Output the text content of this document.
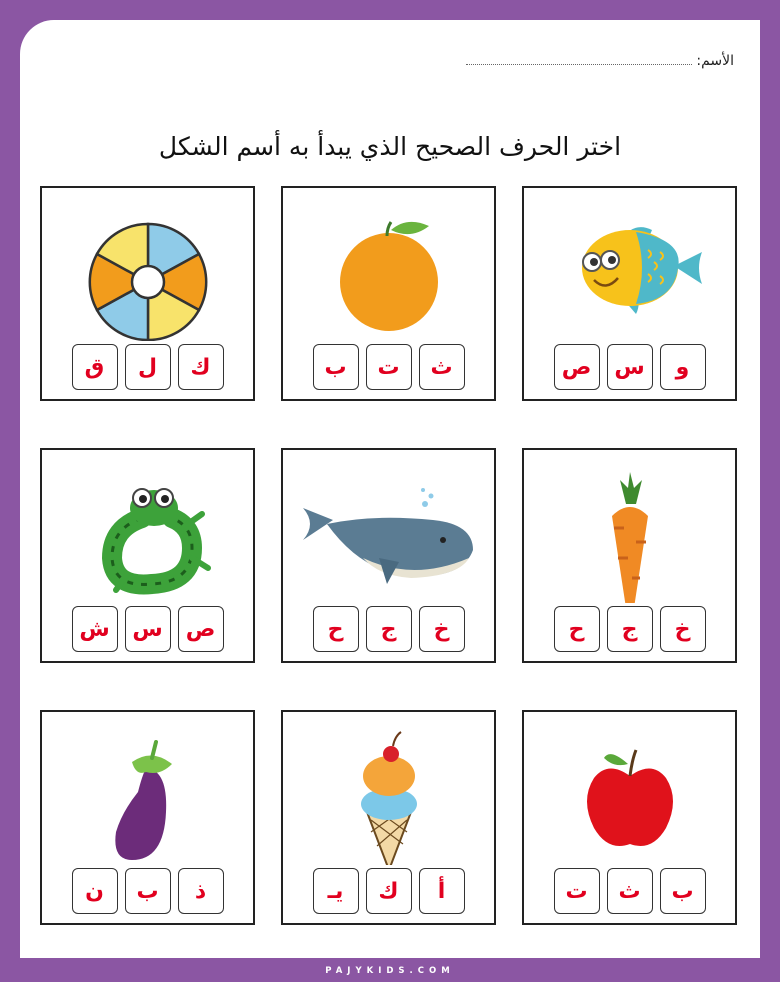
الأسم:
اختر الحرف الصحيح الذي يبدأ به أسم الشكل
و
س
ص
ث
ت
ب
ك
ل
ق
خ
ج
ح
خ
ج
ح
ص
س
ش
ب
ث
ت
أ
ك
يـ
ذ
ب
ن
PAJYKIDS.COM
